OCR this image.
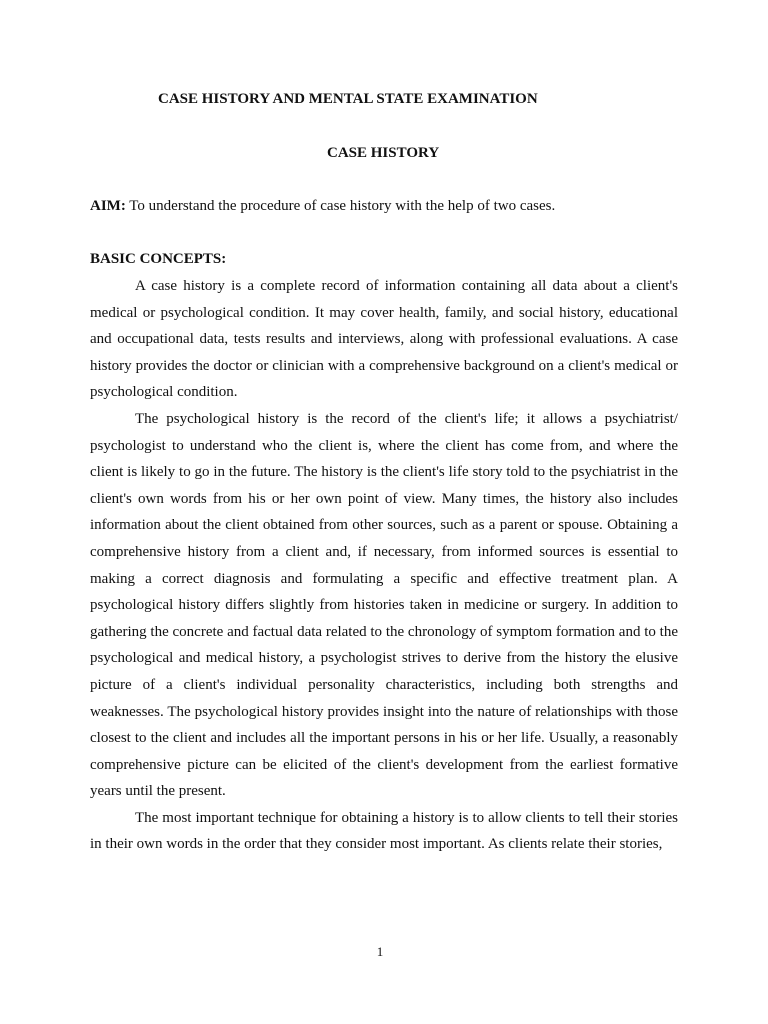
CASE HISTORY AND MENTAL STATE EXAMINATION
CASE HISTORY

AIM: To understand the procedure of case history with the help of two cases.

BASIC CONCEPTS:

A case history is a complete record of information containing all data about a client's medical or psychological condition. It may cover health, family, and social history, educational and occupational data, tests results and interviews, along with professional evaluations. A case history provides the doctor or clinician with a comprehensive background on a client's medical or psychological condition.

The psychological history is the record of the client's life; it allows a psychiatrist/ psychologist to understand who the client is, where the client has come from, and where the client is likely to go in the future. The history is the client's life story told to the psychiatrist in the client's own words from his or her own point of view. Many times, the history also includes information about the client obtained from other sources, such as a parent or spouse. Obtaining a comprehensive history from a client and, if necessary, from informed sources is essential to making a correct diagnosis and formulating a specific and effective treatment plan. A psychological history differs slightly from histories taken in medicine or surgery. In addition to gathering the concrete and factual data related to the chronology of symptom formation and to the psychological and medical history, a psychologist strives to derive from the history the elusive picture of a client's individual personality characteristics, including both strengths and weaknesses. The psychological history provides insight into the nature of relationships with those closest to the client and includes all the important persons in his or her life. Usually, a reasonably comprehensive picture can be elicited of the client's development from the earliest formative years until the present.

The most important technique for obtaining a history is to allow clients to tell their stories in their own words in the order that they consider most important. As clients relate their stories,

1
